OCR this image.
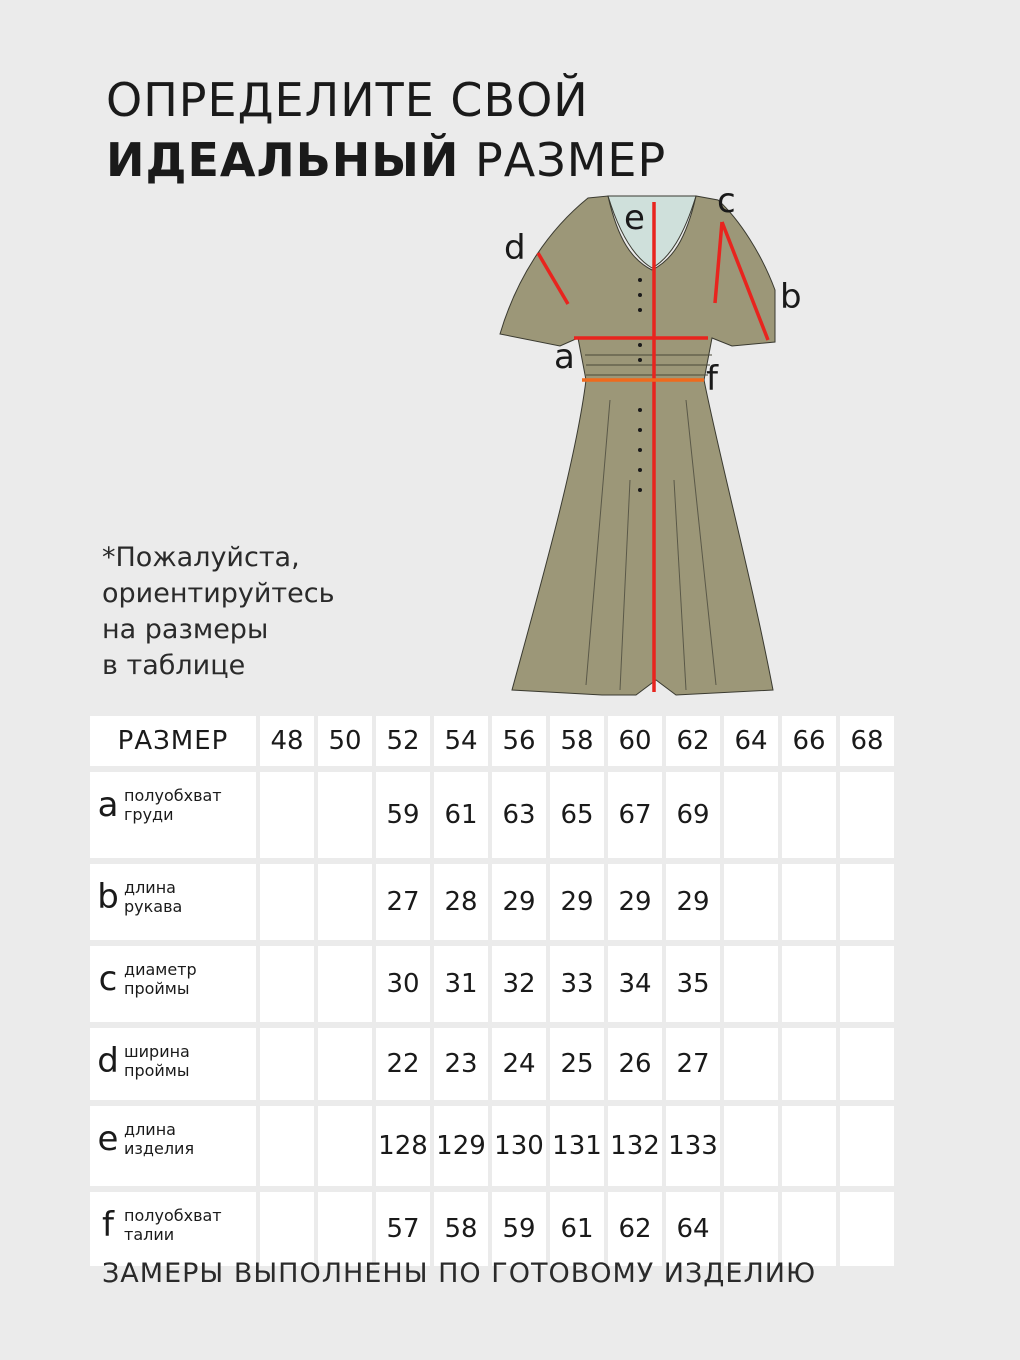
ОПРЕДЕЛИТЕ СВОЙ
ИДЕАЛЬНЫЙ РАЗМЕР
*Пожалуйста,
ориентируйтесь
на размеры
в таблице
e c
d
b
a
f
РАЗМЕР	48	50	52	54	56	58	60	62	64	66	68

a полуобхват
груди			59	61	63	65	67	69			

b длина
рукава			27	28	29	29	29	29			

c диаметр
проймы			30	31	32	33	34	35			

d ширина
проймы			22	23	24	25	26	27			

e длина
изделия			128	129	130	131	132	133			

f полуобхват
талии			57	58	59	61	62	64			
ЗАМЕРЫ ВЫПОЛНЕНЫ ПО ГОТОВОМУ ИЗДЕЛИЮ
